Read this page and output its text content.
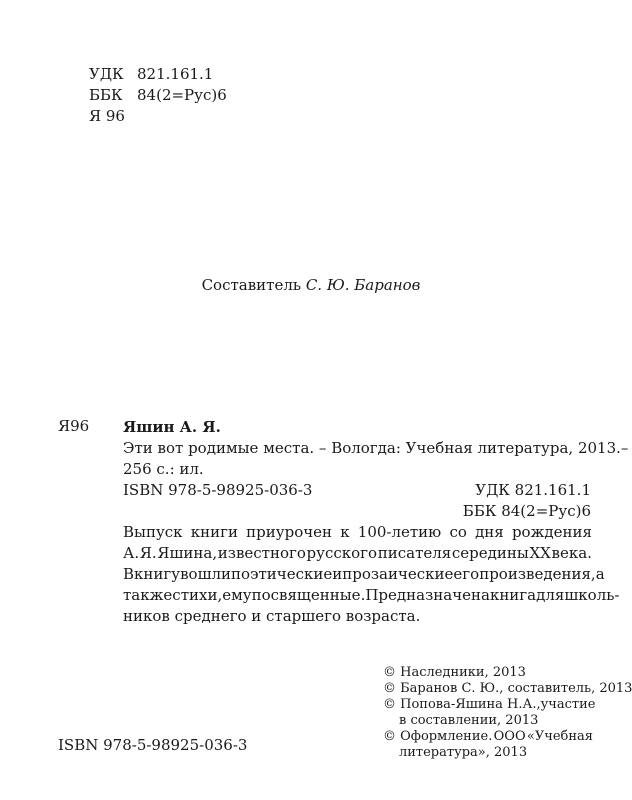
УДК 821.161.1
ББК 84(2=Рус)6
Я 96
Составитель С. Ю. Баранов
Я96 Яшин А. Я.
Эти вот родимые места. – Вологда: Учебная литература, 2013. –
256 с.: ил.
ISBN 978-5-98925-036-3	УДК 821.161.1
ББК 84(2=Рус)6
Выпуск книги приурочен к 100-летию со дня рождения
А. Я. Яшина, известного русского писателя середины XX века.
В книгу вошли поэтические и прозаические его произведения, а
также стихи, ему посвященные. Предназначена книга для школь-
ников среднего и старшего возраста.
ISBN 978-5-98925-036-3
© Наследники, 2013
© Баранов С. Ю., составитель, 2013
© Попова-Яшина Н.А., участие
в составлении, 2013
© Оформление. ООО «Учебная
литература», 2013
